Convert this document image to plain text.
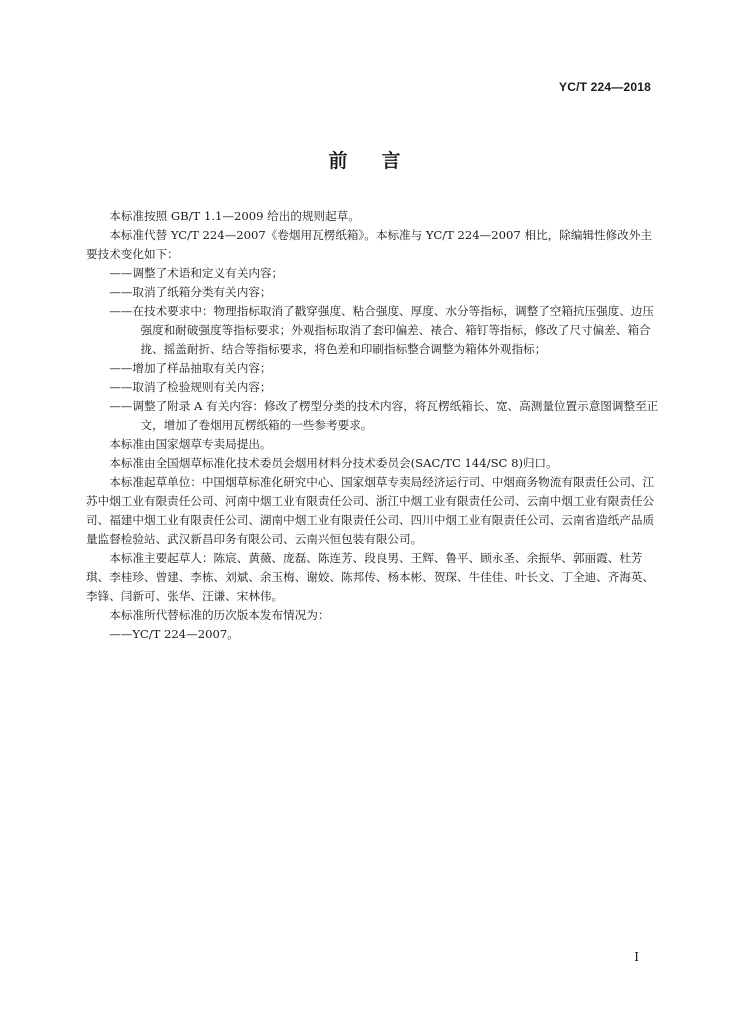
YC/T 224—2018
前 言

本标准按照 GB/T 1.1—2009 给出的规则起草。

本标准代替 YC/T 224—2007《卷烟用瓦楞纸箱》。本标准与 YC/T 224—2007 相比，除编辑性修改外主要技术变化如下：

——调整了术语和定义有关内容；

——取消了纸箱分类有关内容；

——在技术要求中：物理指标取消了戳穿强度、粘合强度、厚度、水分等指标，调整了空箱抗压强度、边压强度和耐破强度等指标要求；外观指标取消了套印偏差、裱合、箱钉等指标，修改了尺寸偏差、箱合拢、摇盖耐折、结合等指标要求，将色差和印刷指标整合调整为箱体外观指标；

——增加了样品抽取有关内容；

——取消了检验规则有关内容；

——调整了附录 A 有关内容：修改了楞型分类的技术内容，将瓦楞纸箱长、宽、高测量位置示意图调整至正文，增加了卷烟用瓦楞纸箱的一些参考要求。

本标准由国家烟草专卖局提出。

本标准由全国烟草标准化技术委员会烟用材料分技术委员会(SAC/TC 144/SC 8)归口。

本标准起草单位：中国烟草标准化研究中心、国家烟草专卖局经济运行司、中烟商务物流有限责任公司、江苏中烟工业有限责任公司、河南中烟工业有限责任公司、浙江中烟工业有限责任公司、云南中烟工业有限责任公司、福建中烟工业有限责任公司、湖南中烟工业有限责任公司、四川中烟工业有限责任公司、云南省造纸产品质量监督检验站、武汉新昌印务有限公司、云南兴恒包装有限公司。

本标准主要起草人：陈宸、黄薇、庞磊、陈连芳、段良男、王辉、鲁平、顾永圣、余振华、郭丽霞、杜芳琪、李桂珍、曾建、李栋、刘斌、余玉梅、谢姣、陈邦传、杨本彬、贺琛、牛佳佳、叶长文、丁全迪、齐海英、李锋、闫新可、张华、汪谦、宋林伟。

本标准所代替标准的历次版本发布情况为：

——YC/T 224—2007。

I
